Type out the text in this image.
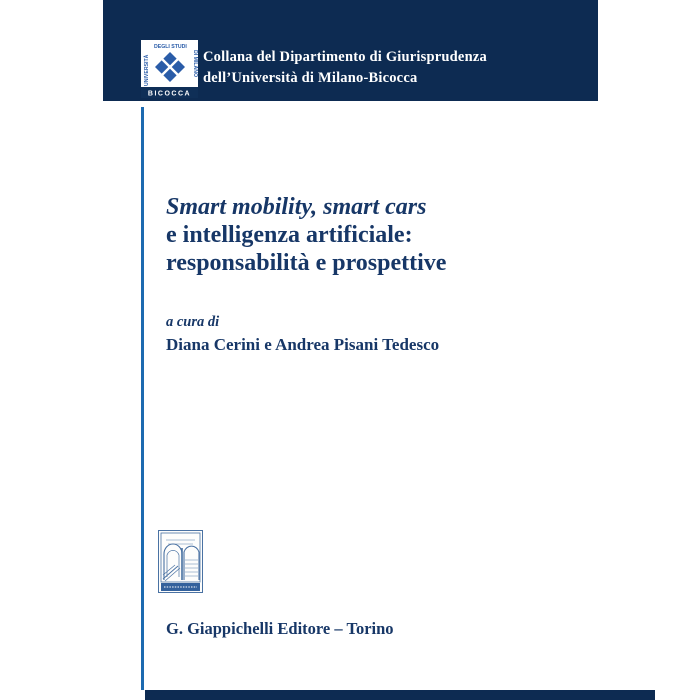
UNIVERSITÀ
DEGLI STUDI
DI MILANO
BICOCCA
Collana del Dipartimento di Giurisprudenza
dell’Università di Milano-Bicocca
Smart mobility, smart cars
e intelligenza artificiale:
responsabilità e prospettive
a cura di
Diana Cerini e Andrea Pisani Tedesco
G. Giappichelli Editore – Torino
